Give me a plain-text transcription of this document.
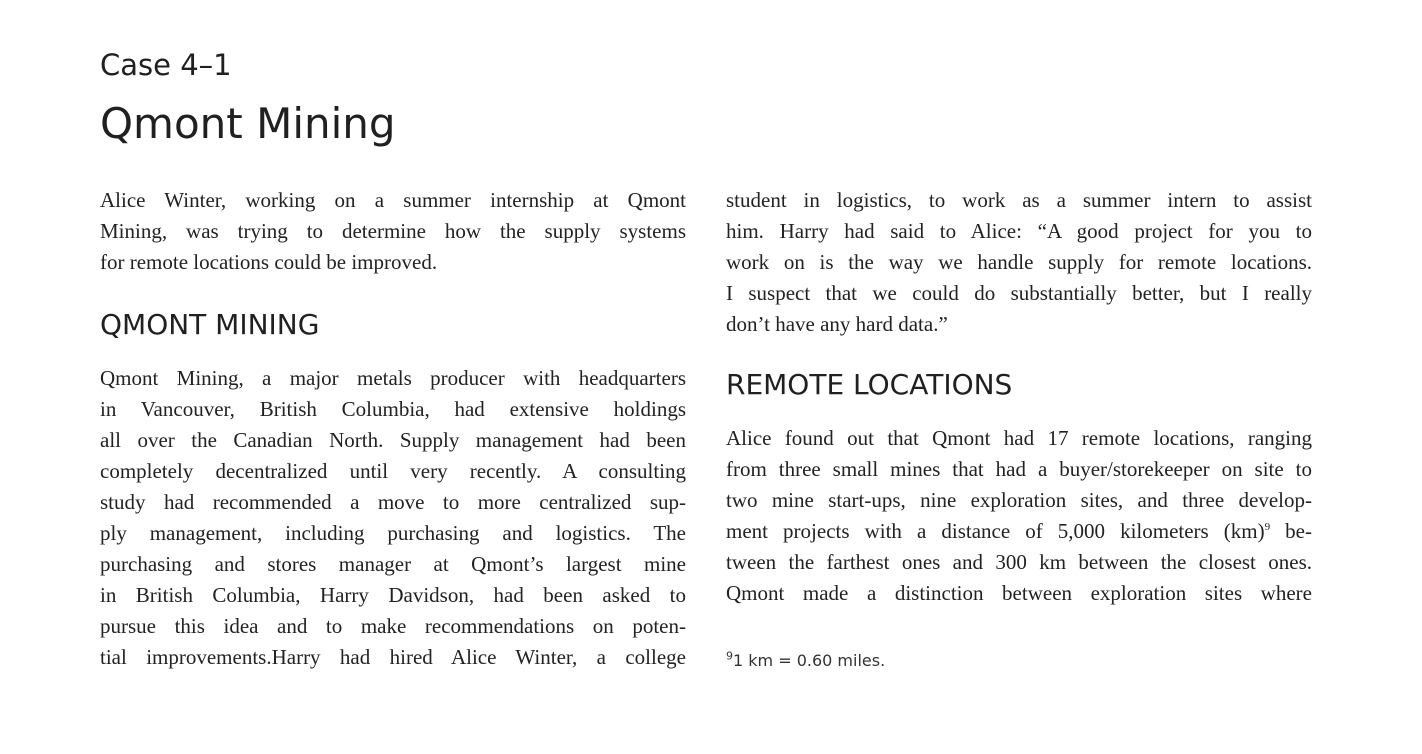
Case 4–1
Qmont Mining
Alice Winter, working on a summer internship at Qmont
Mining, was trying to determine how the supply systems
for remote locations could be improved.
QMONT MINING
Qmont Mining, a major metals producer with headquarters
in Vancouver, British Columbia, had extensive holdings
all over the Canadian North. Supply management had been
completely decentralized until very recently. A consulting
study had recommended a move to more centralized sup-
ply management, including purchasing and logistics. The
purchasing and stores manager at Qmont’s largest mine
in British Columbia, Harry Davidson, had been asked to
pursue this idea and to make recommendations on poten-
tial improvements.Harry had hired Alice Winter, a college
student in logistics, to work as a summer intern to assist
him. Harry had said to Alice: “A good project for you to
work on is the way we handle supply for remote locations.
I suspect that we could do substantially better, but I really
don’t have any hard data.”
REMOTE LOCATIONS
Alice found out that Qmont had 17 remote locations, ranging
from three small mines that had a buyer/storekeeper on site to
two mine start-ups, nine exploration sites, and three develop-
ment projects with a distance of 5,000 kilometers (km)$^9$ be-
tween the farthest ones and 300 km between the closest ones.
Qmont made a distinction between exploration sites where
$^9$1 km = 0.60 miles.
